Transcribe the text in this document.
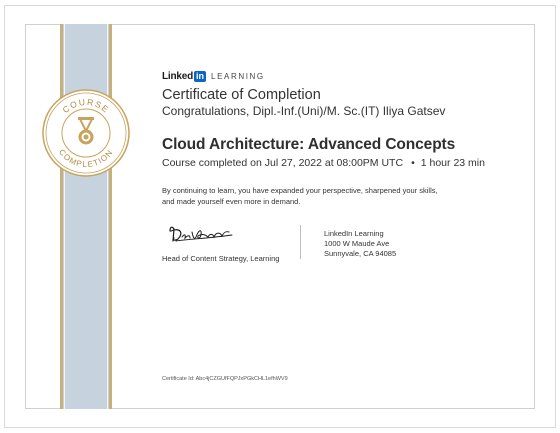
COURSE
COMPLETION
Linked in LEARNING
Certificate of Completion
Congratulations, Dipl.-Inf.(Uni)/M. Sc.(IT) Iliya Gatsev
Cloud Architecture: Advanced Concepts
Course completed on Jul 27, 2022 at 08:00PM UTC • 1 hour 23 min
By continuing to learn, you have expanded your perspective, sharpened your skills, and made yourself even more in demand.
Head of Content Strategy, Learning
LinkedIn Learning
1000 W Maude Ave
Sunnyvale, CA 94085
Certificate Id: Abc4jCZGUfFQPJxPGkCHL1efhWV9
